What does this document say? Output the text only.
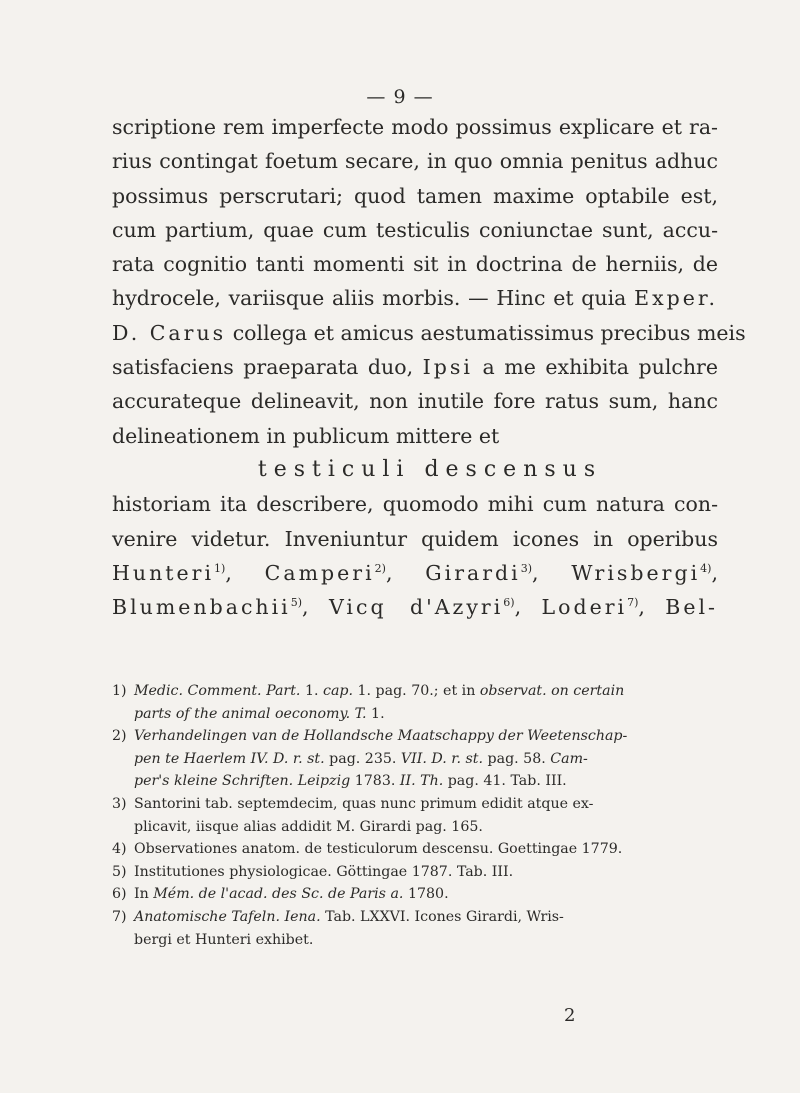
— 9 —
scriptione rem imperfecte modo possimus explicare et ra-
rius contingat foetum secare, in quo omnia penitus adhuc
possimus perscrutari; quod tamen maxime optabile est,
cum partium, quae cum testiculis coniunctae sunt, accu-
rata cognitio tanti momenti sit in doctrina de herniis, de
hydrocele, variisque aliis morbis. — Hinc et quia Exper.
D. Carus collega et amicus aestumatissimus precibus meis
satisfaciens praeparata duo, Ipsi a me exhibita pulchre
accurateque delineavit, non inutile fore ratus sum, hanc
delineationem in publicum mittere et
testiculi descensus
historiam ita describere, quomodo mihi cum natura con-
venire videtur. Inveniuntur quidem icones in operibus
Hunteri$^{1)}$, Camperi$^{2)}$, Girardi$^{3)}$, Wrisbergi$^{4)}$,
Blumenbachii$^{5)}$, Vicq d'Azyri$^{6)}$, Loderi$^{7)}$, Bel-
1) Medic. Comment. Part. 1. cap. 1. pag. 70.; et in observat. on certain
parts of the animal oeconomy. T. 1.
2) Verhandelingen van de Hollandsche Maatschappy der Weetenschap-
pen te Haerlem IV. D. r. st. pag. 235. VII. D. r. st. pag. 58. Cam-
per's kleine Schriften. Leipzig 1783. II. Th. pag. 41. Tab. III.
3) Santorini tab. septemdecim, quas nunc primum edidit atque ex-
plicavit, iisque alias addidit M. Girardi pag. 165.
4) Observationes anatom. de testiculorum descensu. Goettingae 1779.
5) Institutiones physiologicae. Göttingae 1787. Tab. III.
6) In Mém. de l'acad. des Sc. de Paris a. 1780.
7) Anatomische Tafeln. Iena. Tab. LXXVI. Icones Girardi, Wris-
bergi et Hunteri exhibet.
2
